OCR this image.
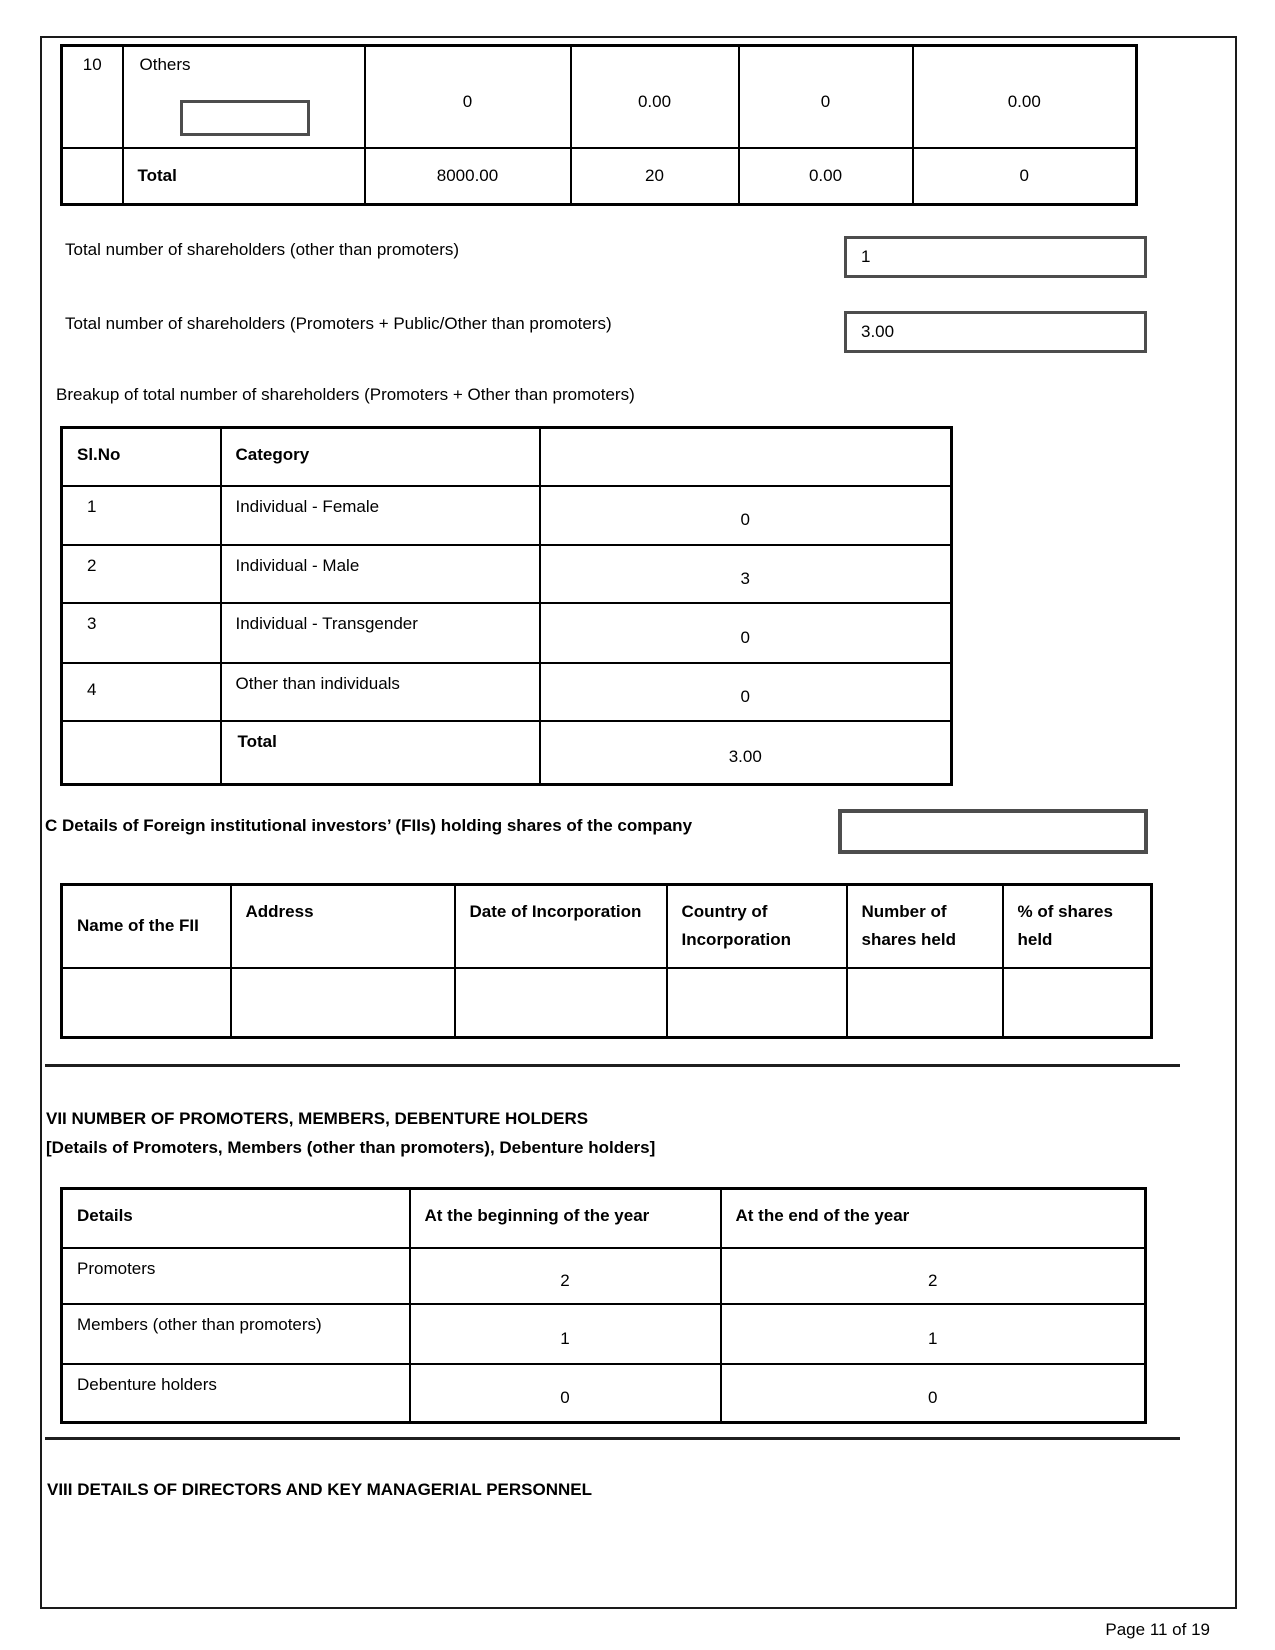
10	Others	0	0.00	0	0.00
	Total	8000.00	20	0.00	0
Total number of shareholders (other than promoters)	1
Total number of shareholders (Promoters + Public/Other than promoters)	3.00
Breakup of total number of shareholders (Promoters + Other than promoters)
Sl.No	Category	
1	Individual - Female	0
2	Individual - Male	3
3	Individual - Transgender	0
4	Other than individuals	0
	Total	3.00
C Details of Foreign institutional investors’ (FIIs) holding shares of the company
Name of the FII	Address	Date of Incorporation	Country of Incorporation	Number of shares held	% of shares held

VII NUMBER OF PROMOTERS, MEMBERS, DEBENTURE HOLDERS
[Details of Promoters, Members (other than promoters), Debenture holders]
Details	At the beginning of the year	At the end of the year
Promoters	2	2
Members (other than promoters)	1	1
Debenture holders	0	0
VIII DETAILS OF DIRECTORS AND KEY MANAGERIAL PERSONNEL
Page 11 of 19
